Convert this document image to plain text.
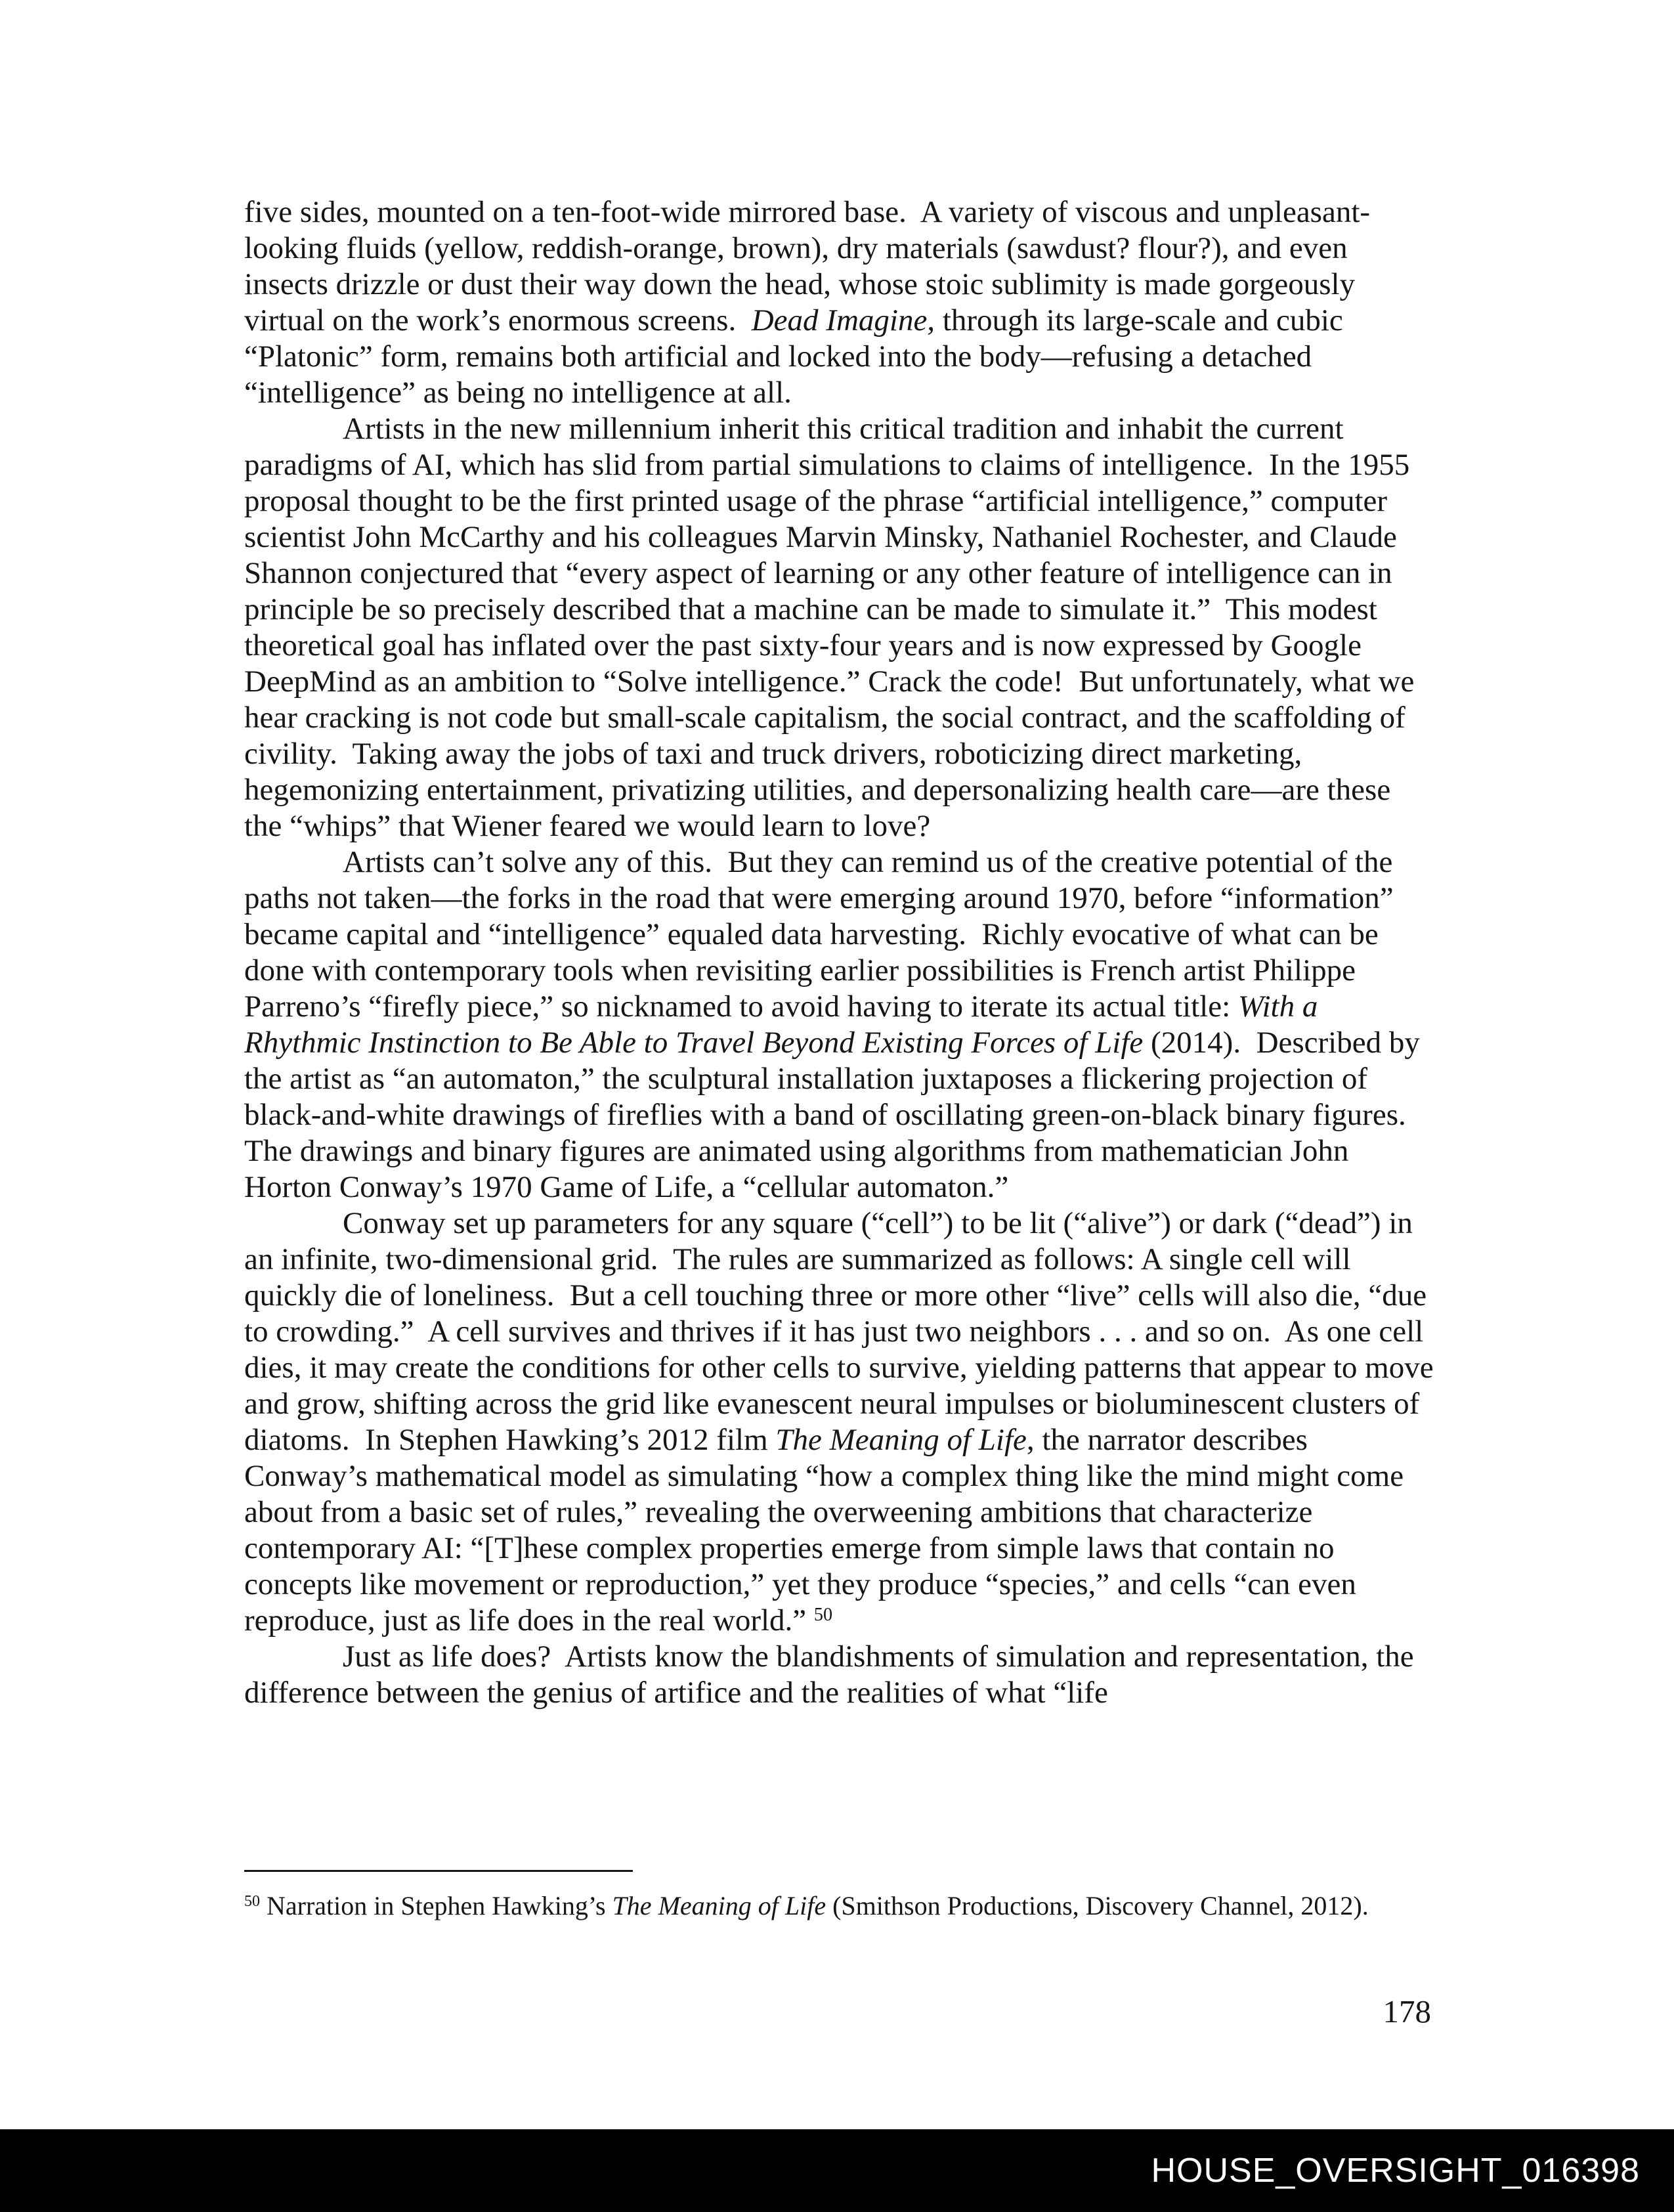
five sides, mounted on a ten-foot-wide mirrored base.  A variety of viscous and unpleasant-looking fluids (yellow, reddish-orange, brown), dry materials (sawdust? flour?), and even insects drizzle or dust their way down the head, whose stoic sublimity is made gorgeously virtual on the work’s enormous screens.  Dead Imagine, through its large-scale and cubic “Platonic” form, remains both artificial and locked into the body—refusing a detached “intelligence” as being no intelligence at all.

Artists in the new millennium inherit this critical tradition and inhabit the current paradigms of AI, which has slid from partial simulations to claims of intelligence.  In the 1955 proposal thought to be the first printed usage of the phrase “artificial intelligence,” computer scientist John McCarthy and his colleagues Marvin Minsky, Nathaniel Rochester, and Claude Shannon conjectured that “every aspect of learning or any other feature of intelligence can in principle be so precisely described that a machine can be made to simulate it.”  This modest theoretical goal has inflated over the past sixty-four years and is now expressed by Google DeepMind as an ambition to “Solve intelligence.” Crack the code!  But unfortunately, what we hear cracking is not code but small-scale capitalism, the social contract, and the scaffolding of civility.  Taking away the jobs of taxi and truck drivers, roboticizing direct marketing, hegemonizing entertainment, privatizing utilities, and depersonalizing health care—are these the “whips” that Wiener feared we would learn to love?

Artists can’t solve any of this.  But they can remind us of the creative potential of the paths not taken—the forks in the road that were emerging around 1970, before “information” became capital and “intelligence” equaled data harvesting.  Richly evocative of what can be done with contemporary tools when revisiting earlier possibilities is French artist Philippe Parreno’s “firefly piece,” so nicknamed to avoid having to iterate its actual title: With a Rhythmic Instinction to Be Able to Travel Beyond Existing Forces of Life (2014).  Described by the artist as “an automaton,” the sculptural installation juxtaposes a flickering projection of black-and-white drawings of fireflies with a band of oscillating green-on-black binary figures.  The drawings and binary figures are animated using algorithms from mathematician John Horton Conway’s 1970 Game of Life, a “cellular automaton.”

Conway set up parameters for any square (“cell”) to be lit (“alive”) or dark (“dead”) in an infinite, two-dimensional grid.  The rules are summarized as follows: A single cell will quickly die of loneliness.  But a cell touching three or more other “live” cells will also die, “due to crowding.”  A cell survives and thrives if it has just two neighbors . . . and so on.  As one cell dies, it may create the conditions for other cells to survive, yielding patterns that appear to move and grow, shifting across the grid like evanescent neural impulses or bioluminescent clusters of diatoms.  In Stephen Hawking’s 2012 film The Meaning of Life, the narrator describes Conway’s mathematical model as simulating “how a complex thing like the mind might come about from a basic set of rules,” revealing the overweening ambitions that characterize contemporary AI: “[T]hese complex properties emerge from simple laws that contain no concepts like movement or reproduction,” yet they produce “species,” and cells “can even reproduce, just as life does in the real world.” $^{50}$

Just as life does?  Artists know the blandishments of simulation and representation, the difference between the genius of artifice and the realities of what “life

$^{50}$ Narration in Stephen Hawking’s The Meaning of Life (Smithson Productions, Discovery Channel, 2012).

178
HOUSE_OVERSIGHT_016398
